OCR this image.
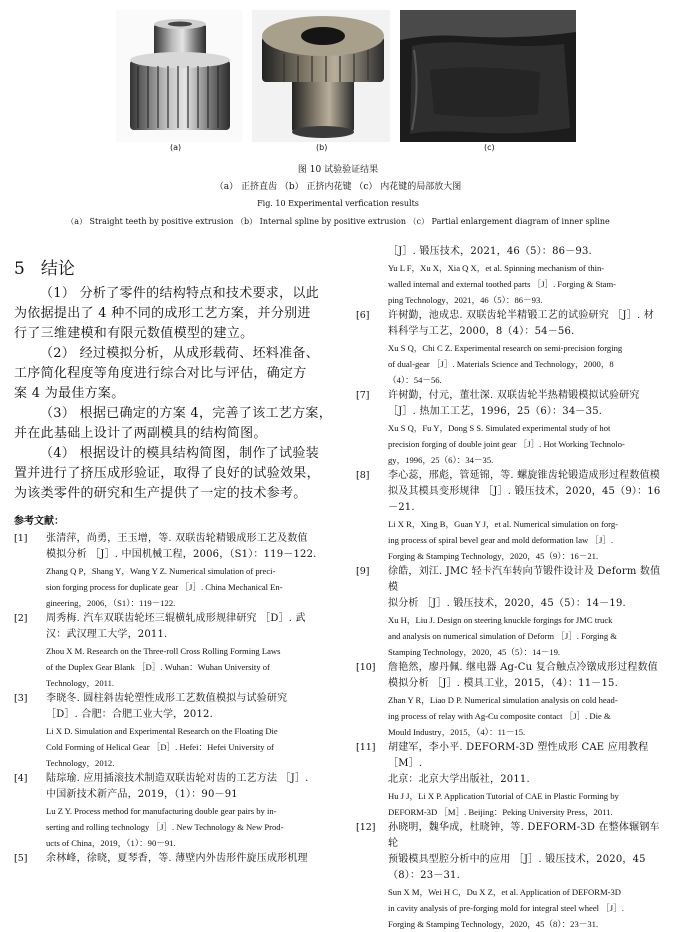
(a)	(b)	(c)
图 10 试验验证结果
（a） 正挤直齿 （b） 正挤内花键 （c） 内花键的局部放大图
Fig. 10 Experimental verfication results
（a） Straight teeth by positive extrusion （b） Internal spline by positive extrusion （c） Partial enlargement diagram of inner spline
5 结论

（1） 分析了零件的结构特点和技术要求，以此
为依据提出了 4 种不同的成形工艺方案，并分别进
行了三维建模和有限元数值模型的建立。

（2） 经过模拟分析，从成形载荷、坯料准备、
工序简化程度等角度进行综合对比与评估，确定方
案 4 为最佳方案。

（3） 根据已确定的方案 4，完善了该工艺方案，
并在此基础上设计了两副模具的结构简图。

（4） 根据设计的模具结构简图，制作了试验装
置并进行了挤压成形验证，取得了良好的试验效果，
为该类零件的研究和生产提供了一定的技术参考。

参考文献：
[1] 张清萍，尚勇，王玉增，等. 双联齿轮精锻成形工艺及数值
模拟分析 ［J］. 中国机械工程，2006，（S1）：119－122.
Zhang Q P，Shang Y，Wang Y Z. Numerical simulation of preci-
sion forging process for duplicate gear ［J］. China Mechanical En-
gineering，2006，（S1）：119－122.
[2] 周秀梅. 汽车双联齿轮坯三辊横轧成形规律研究 ［D］. 武
汉：武汉理工大学，2011.
Zhou X M. Research on the Three-roll Cross Rolling Forming Laws
of the Duplex Gear Blank ［D］. Wuhan：Wuhan University of
Technology，2011.
[3] 李晓冬. 圆柱斜齿轮塑性成形工艺数值模拟与试验研究
［D］. 合肥：合肥工业大学，2012.
Li X D. Simulation and Experimental Research on the Floating Die
Cold Forming of Helical Gear ［D］. Hefei：Hefei University of
Technology，2012.
[4] 陆琮瑜. 应用插滚技术制造双联齿轮对齿的工艺方法 ［J］.
中国新技术新产品，2019，（1）：90－91
Lu Z Y. Process method for manufacturing double gear pairs by in-
serting and rolling technology ［J］. New Technology & New Prod-
ucts of China，2019，（1）：90－91.
[5] 余林峰，徐晓，夏琴香，等. 薄壁内外齿形件旋压成形机理
［J］. 锻压技术，2021，46（5）：86－93.
Yu L F，Xu X，Xia Q X，et al. Spinning mechanism of thin-
walled internal and external toothed parts ［J］. Forging & Stam-
ping Technology，2021，46（5）：86－93.
[6] 许树勤，池成忠. 双联齿轮半精锻工艺的试验研究 ［J］. 材
料科学与工艺，2000，8（4）：54－56.
Xu S Q，Chi C Z. Experimental research on semi-precision forging
of dual-gear ［J］. Materials Science and Technology，2000，8
（4）：54－56.
[7] 许树勤，付元，董壮深. 双联齿轮半热精锻模拟试验研究
［J］. 热加工工艺，1996，25（6）：34－35.
Xu S Q，Fu Y，Dong S S. Simulated experimental study of hot
precision forging of double joint gear ［J］. Hot Working Technolo-
gy，1996，25（6）：34－35.
[8] 李心蕊，邢彪，管延锦，等. 螺旋锥齿轮锻造成形过程数值模
拟及其模具变形规律 ［J］. 锻压技术，2020，45（9）：16－21.
Li X R，Xing B，Guan Y J，et al. Numerical simulation on forg-
ing process of spiral bevel gear and mold deformation law ［J］.
Forging & Stamping Technology，2020，45（9）：16－21.
[9] 徐皓，刘江. JMC 轻卡汽车转向节锻件设计及 Deform 数值模
拟分析 ［J］. 锻压技术，2020，45（5）：14－19.
Xu H，Liu J. Design on steering knuckle forgings for JMC truck
and analysis on numerical simulation of Deform ［J］. Forging &
Stamping Technology，2020，45（5）：14－19.
[10] 詹艳然，廖丹佩. 继电器 Ag-Cu 复合触点冷镦成形过程数值
模拟分析 ［J］. 模具工业，2015，（4）：11－15.
Zhan Y R，Liao D P. Numerical simulation analysis on cold head-
ing process of relay with Ag-Cu composite contact ［J］. Die &
Mould Industry，2015，（4）：11－15.
[11] 胡建军，李小平. DEFORM-3D 塑性成形 CAE 应用教程 ［M］.
北京：北京大学出版社，2011.
Hu J J，Li X P. Application Tutorial of CAE in Plastic Forming by
DEFORM-3D ［M］. Beijing：Peking University Press，2011.
[12] 孙晓明，魏华成，杜晓钟，等. DEFORM-3D 在整体辗钢车轮
预锻模具型腔分析中的应用 ［J］. 锻压技术，2020，45
（8）：23－31.
Sun X M，Wei H C，Du X Z，et al. Application of DEFORM-3D
in cavity analysis of pre-forging mold for integral steel wheel ［J］.
Forging & Stamping Technology，2020，45（8）：23－31.
